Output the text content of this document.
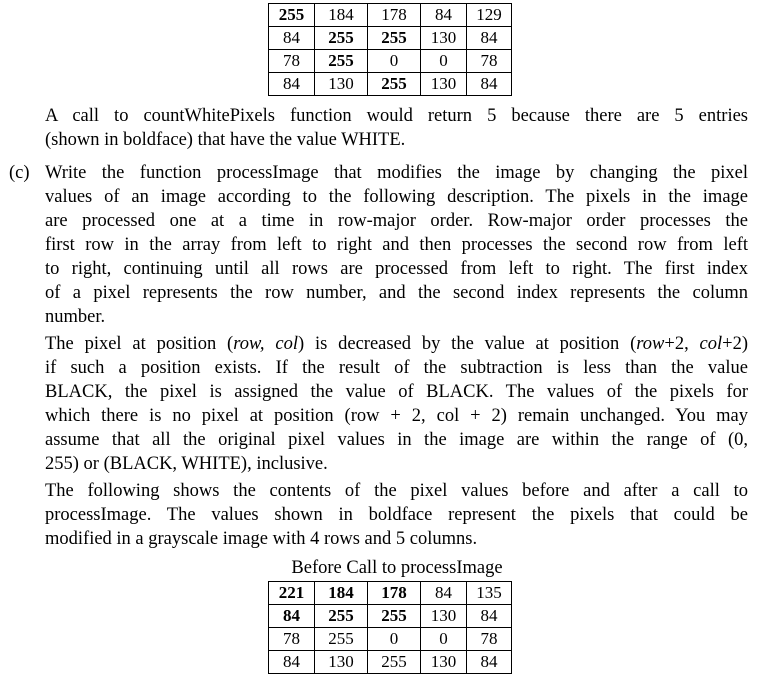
255	184	178	84	129
84	255	255	130	84
78	255	0	0	78
84	130	255	130	84
A call to countWhitePixels function would return 5 because there are 5 entries
(shown in boldface) that have the value WHITE.
(c) Write the function processImage that modifies the image by changing the pixel
values of an image according to the following description. The pixels in the image
are processed one at a time in row-major order. Row-major order processes the
first row in the array from left to right and then processes the second row from left
to right, continuing until all rows are processed from left to right. The first index
of a pixel represents the row number, and the second index represents the column
number.
The pixel at position (row, col) is decreased by the value at position (row+2, col+2)
if such a position exists. If the result of the subtraction is less than the value
BLACK, the pixel is assigned the value of BLACK. The values of the pixels for
which there is no pixel at position (row + 2, col + 2) remain unchanged. You may
assume that all the original pixel values in the image are within the range of (0,
255) or (BLACK, WHITE), inclusive.
The following shows the contents of the pixel values before and after a call to
processImage. The values shown in boldface represent the pixels that could be
modified in a grayscale image with 4 rows and 5 columns.
Before Call to processImage
221	184	178	84	135
84	255	255	130	84
78	255	0	0	78
84	130	255	130	84
